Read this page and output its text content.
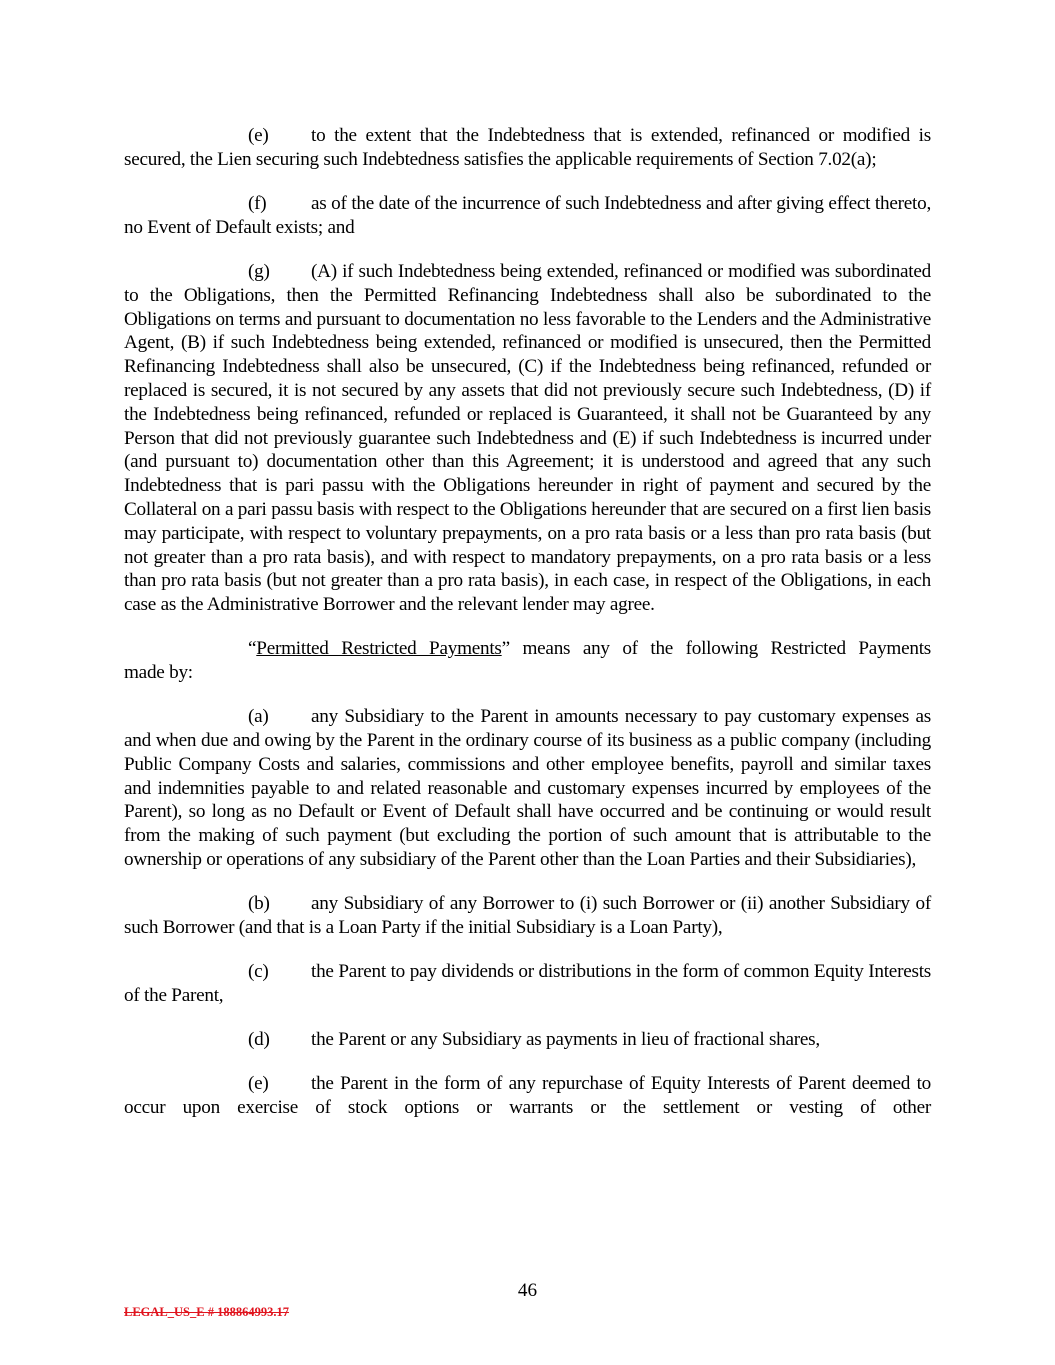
(e) to the extent that the Indebtedness that is extended, refinanced or modified is secured, the Lien securing such Indebtedness satisfies the applicable requirements of Section 7.02(a);

(f) as of the date of the incurrence of such Indebtedness and after giving effect thereto, no Event of Default exists; and

(g) (A) if such Indebtedness being extended, refinanced or modified was subordinated to the Obligations, then the Permitted Refinancing Indebtedness shall also be subordinated to the Obligations on terms and pursuant to documentation no less favorable to the Lenders and the Administrative Agent, (B) if such Indebtedness being extended, refinanced or modified is unsecured, then the Permitted Refinancing Indebtedness shall also be unsecured, (C) if the Indebtedness being refinanced, refunded or replaced is secured, it is not secured by any assets that did not previously secure such Indebtedness, (D) if the Indebtedness being refinanced, refunded or replaced is Guaranteed, it shall not be Guaranteed by any Person that did not previously guarantee such Indebtedness and (E) if such Indebtedness is incurred under (and pursuant to) documentation other than this Agreement; it is understood and agreed that any such Indebtedness that is pari passu with the Obligations hereunder in right of payment and secured by the Collateral on a pari passu basis with respect to the Obligations hereunder that are secured on a first lien basis may participate, with respect to voluntary prepayments, on a pro rata basis or a less than pro rata basis (but not greater than a pro rata basis), and with respect to mandatory prepayments, on a pro rata basis or a less than pro rata basis (but not greater than a pro rata basis), in each case, in respect of the Obligations, in each case as the Administrative Borrower and the relevant lender may agree.

“Permitted Restricted Payments” means any of the following Restricted Payments
made by:

(a) any Subsidiary to the Parent in amounts necessary to pay customary expenses as and when due and owing by the Parent in the ordinary course of its business as a public company (including Public Company Costs and salaries, commissions and other employee benefits, payroll and similar taxes and indemnities payable to and related reasonable and customary expenses incurred by employees of the Parent), so long as no Default or Event of Default shall have occurred and be continuing or would result from the making of such payment (but excluding the portion of such amount that is attributable to the ownership or operations of any subsidiary of the Parent other than the Loan Parties and their Subsidiaries),

(b) any Subsidiary of any Borrower to (i) such Borrower or (ii) another Subsidiary of such Borrower (and that is a Loan Party if the initial Subsidiary is a Loan Party),

(c) the Parent to pay dividends or distributions in the form of common Equity Interests of the Parent,

(d) the Parent or any Subsidiary as payments in lieu of fractional shares,

(e) the Parent in the form of any repurchase of Equity Interests of Parent deemed to occur upon exercise of stock options or warrants or the settlement or vesting of other

46
LEGAL_US_E # 188864993.17
